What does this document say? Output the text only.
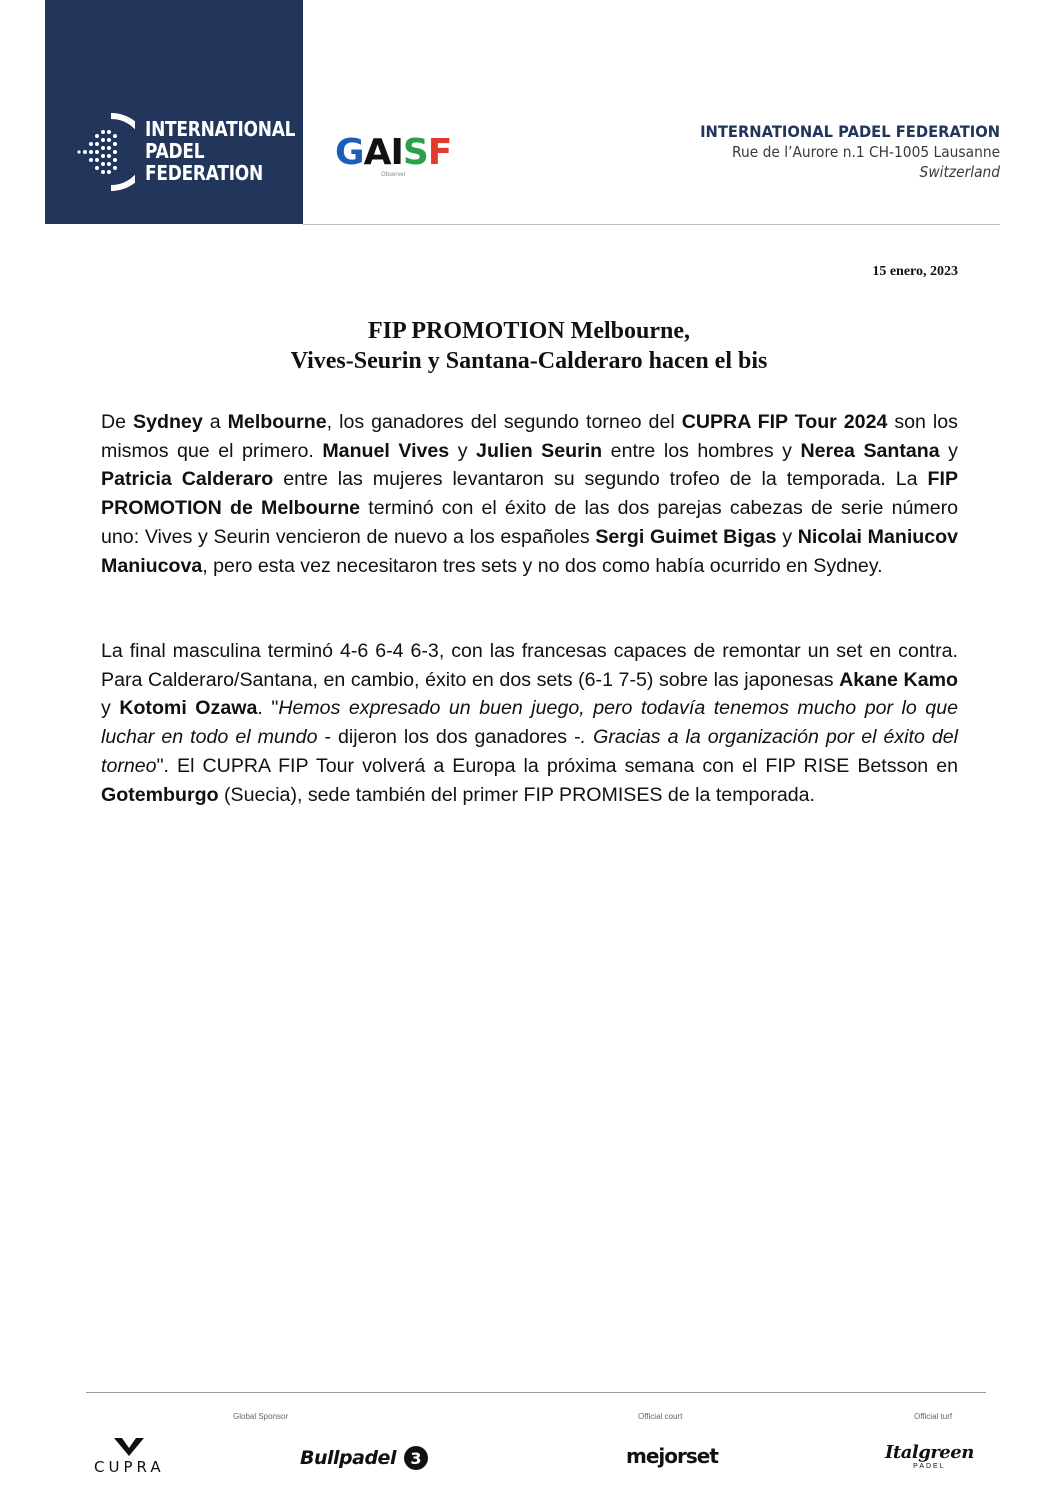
INTERNATIONAL
PADEL
FEDERATION	GAISF
Observer
INTERNATIONAL PADEL FEDERATION
Rue de l’Aurore n.1 CH-1005 Lausanne
Switzerland
15 enero, 2023
FIP PROMOTION Melbourne,
Vives-Seurin y Santana-Calderaro hacen el bis
De Sydney a Melbourne, los ganadores del segundo torneo del CUPRA FIP Tour 2024 son los mismos que el primero. Manuel Vives y Julien Seurin entre los hombres y Nerea Santana y Patricia Calderaro entre las mujeres levantaron su segundo trofeo de la temporada. La FIP PROMOTION de Melbourne terminó con el éxito de las dos parejas cabezas de serie número uno: Vives y Seurin vencieron de nuevo a los españoles Sergi Guimet Bigas y Nicolai Maniucov Maniucova, pero esta vez necesitaron tres sets y no dos como había ocurrido en Sydney.
La final masculina terminó 4-6 6-4 6-3, con las francesas capaces de remontar un set en contra. Para Calderaro/Santana, en cambio, éxito en dos sets (6-1 7-5) sobre las japonesas Akane Kamo y Kotomi Ozawa. "Hemos expresado un buen juego, pero todavía tenemos mucho por lo que luchar en todo el mundo - dijeron los dos ganadores -. Gracias a la organización por el éxito del torneo". El CUPRA FIP Tour volverá a Europa la próxima semana con el FIP RISE Betsson en Gotemburgo (Suecia), sede también del primer FIP PROMISES de la temporada.
Global Sponsor	Official court	Official turf
CUPRA	Bullpadel 3	mejorset	Italgreen
PADEL
